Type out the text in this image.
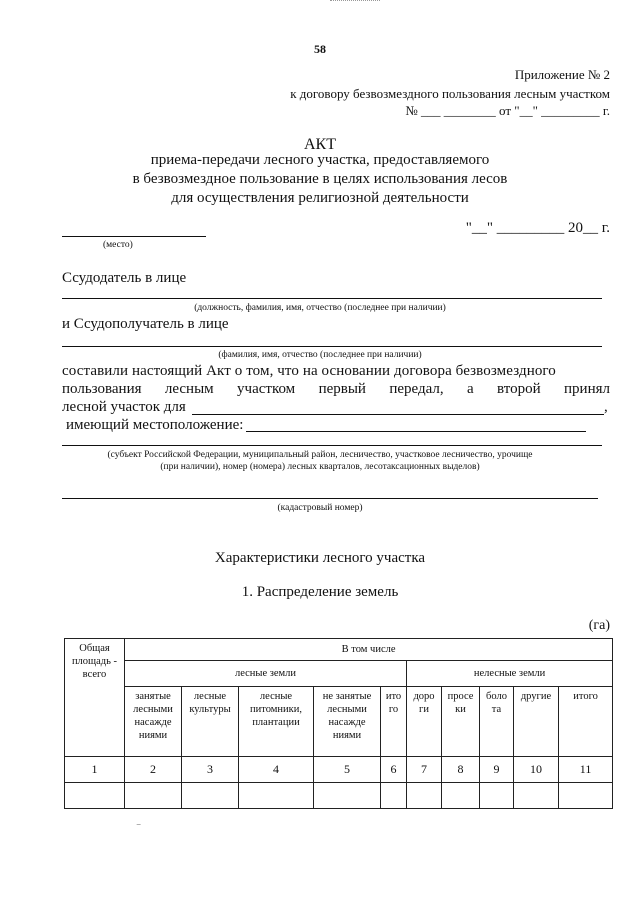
58
Приложение № 2
к договору безвозмездного пользования лесным участком
№ ___ ________ от "__" _________ г.
АКТ
приема-передачи лесного участка, предоставляемого
в безвозмездное пользование в целях использования лесов
для осуществления религиозной деятельности
(место)
"__" _________ 20__ г.
Ссудодатель в лице
(должность, фамилия, имя, отчество (последнее при наличии)
и Ссудополучатель в лице
(фамилия, имя, отчество (последнее при наличии)
составили настоящий Акт о том, что на основании договора безвозмездного
пользования лесным участком первый передал, а второй принял
лесной участок для	,
имеющий местоположение:
(субъект Российской Федерации, муниципальный район, лесничество, участковое лесничество, урочище
(при наличии), номер (номера) лесных кварталов, лесотаксационных выделов)
(кадастровый номер)
Характеристики лесного участка
1. Распределение земель
(га)
Общая площадь - всего	В том числе									
	лесные земли					нелесные земли				
	занятые лесными насажде ниями	лесные культуры	лесные питомники, плантации	не занятые лесными насажде ниями	ито го	доро ги	просе ки	боло та	другие	итого
1	2	3	4	5	6	7	8	9	10	11

⁻
